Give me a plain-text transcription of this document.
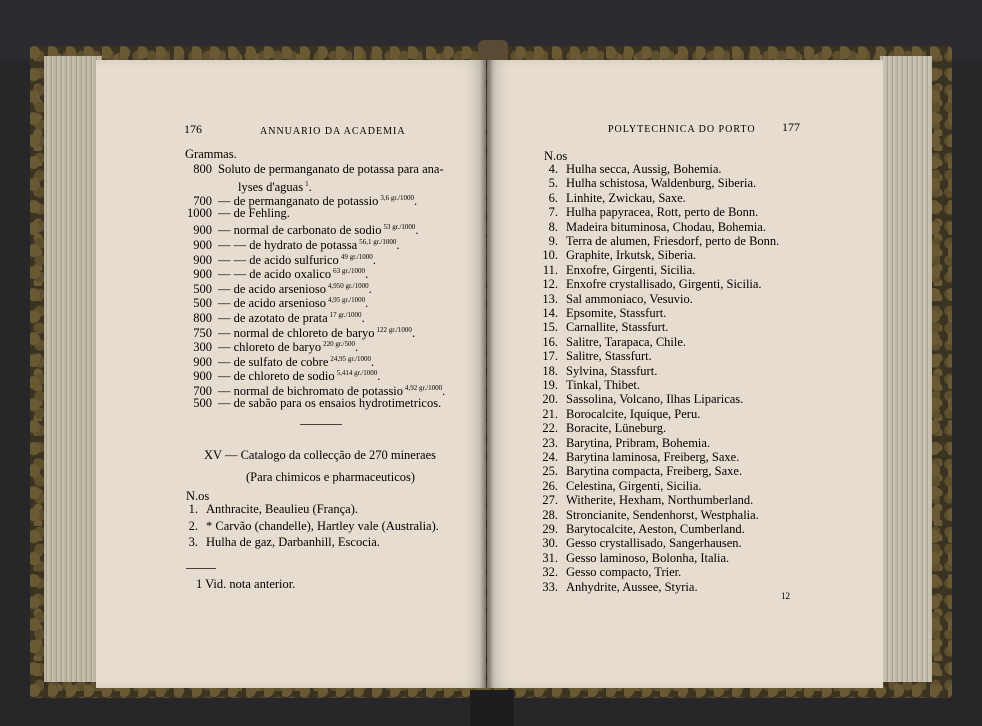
176	ANNUARIO DA ACADEMIA
Grammas.
800 Soluto de permanganato de potassa para ana-
lyses d'aguas $^1$.
700 — de permanganato de potassio $^{3,6 gr./1000}$.
1000 — de Fehling.
900 — normal de carbonato de sodio $^{53 gr./1000}$.
900 — — de hydrato de potassa $^{56,1 gr./1000}$.
900 — — de acido sulfurico $^{49 gr./1000}$.
900 — — de acido oxalico $^{63 gr./1000}$.
500 — de acido arsenioso $^{4,950 gr./1000}$.
500 — de acido arsenioso $^{4,95 gr./1000}$.
800 — de azotato de prata $^{17 gr./1000}$.
750 — normal de chloreto de baryo $^{122 gr./1000}$.
300 — chloreto de baryo $^{220 gr./500}$.
900 — de sulfato de cobre $^{24,95 gr./1000}$.
900 — de chloreto de sodio $^{5,414 gr./1000}$.
700 — normal de bichromato de potassio $^{4,92 gr./1000}$.
500 — de sabão para os ensaios hydrotimetricos.
XV — Catalogo da collecção de 270 mineraes
(Para chimicos e pharmaceuticos)
N.os
1. Anthracite, Beaulieu (França).
2. * Carvão (chandelle), Hartley vale (Australia).
3. Hulha de gaz, Darbanhill, Escocia.
1 Vid. nota anterior.
POLYTECHNICA DO PORTO 177
N.os
4. Hulha secca, Aussig, Bohemia.
5. Hulha schistosa, Waldenburg, Siberia.
6. Linhite, Zwickau, Saxe.
7. Hulha papyracea, Rott, perto de Bonn.
8. Madeira bituminosa, Chodau, Bohemia.
9. Terra de alumen, Friesdorf, perto de Bonn.
10. Graphite, Irkutsk, Siberia.
11. Enxofre, Girgenti, Sicilia.
12. Enxofre crystallisado, Girgenti, Sicilia.
13. Sal ammoniaco, Vesuvio.
14. Epsomite, Stassfurt.
15. Carnallite, Stassfurt.
16. Salitre, Tarapaca, Chile.
17. Salitre, Stassfurt.
18. Sylvina, Stassfurt.
19. Tinkal, Thibet.
20. Sassolina, Volcano, Ilhas Liparicas.
21. Borocalcite, Iquique, Peru.
22. Boracite, Lüneburg.
23. Barytina, Pribram, Bohemia.
24. Barytina laminosa, Freiberg, Saxe.
25. Barytina compacta, Freiberg, Saxe.
26. Celestina, Girgenti, Sicilia.
27. Witherite, Hexham, Northumberland.
28. Stroncianite, Sendenhorst, Westphalia.
29. Barytocalcite, Aeston, Cumberland.
30. Gesso crystallisado, Sangerhausen.
31. Gesso laminoso, Bolonha, Italia.
32. Gesso compacto, Trier.
33. Anhydrite, Aussee, Styria.
12
